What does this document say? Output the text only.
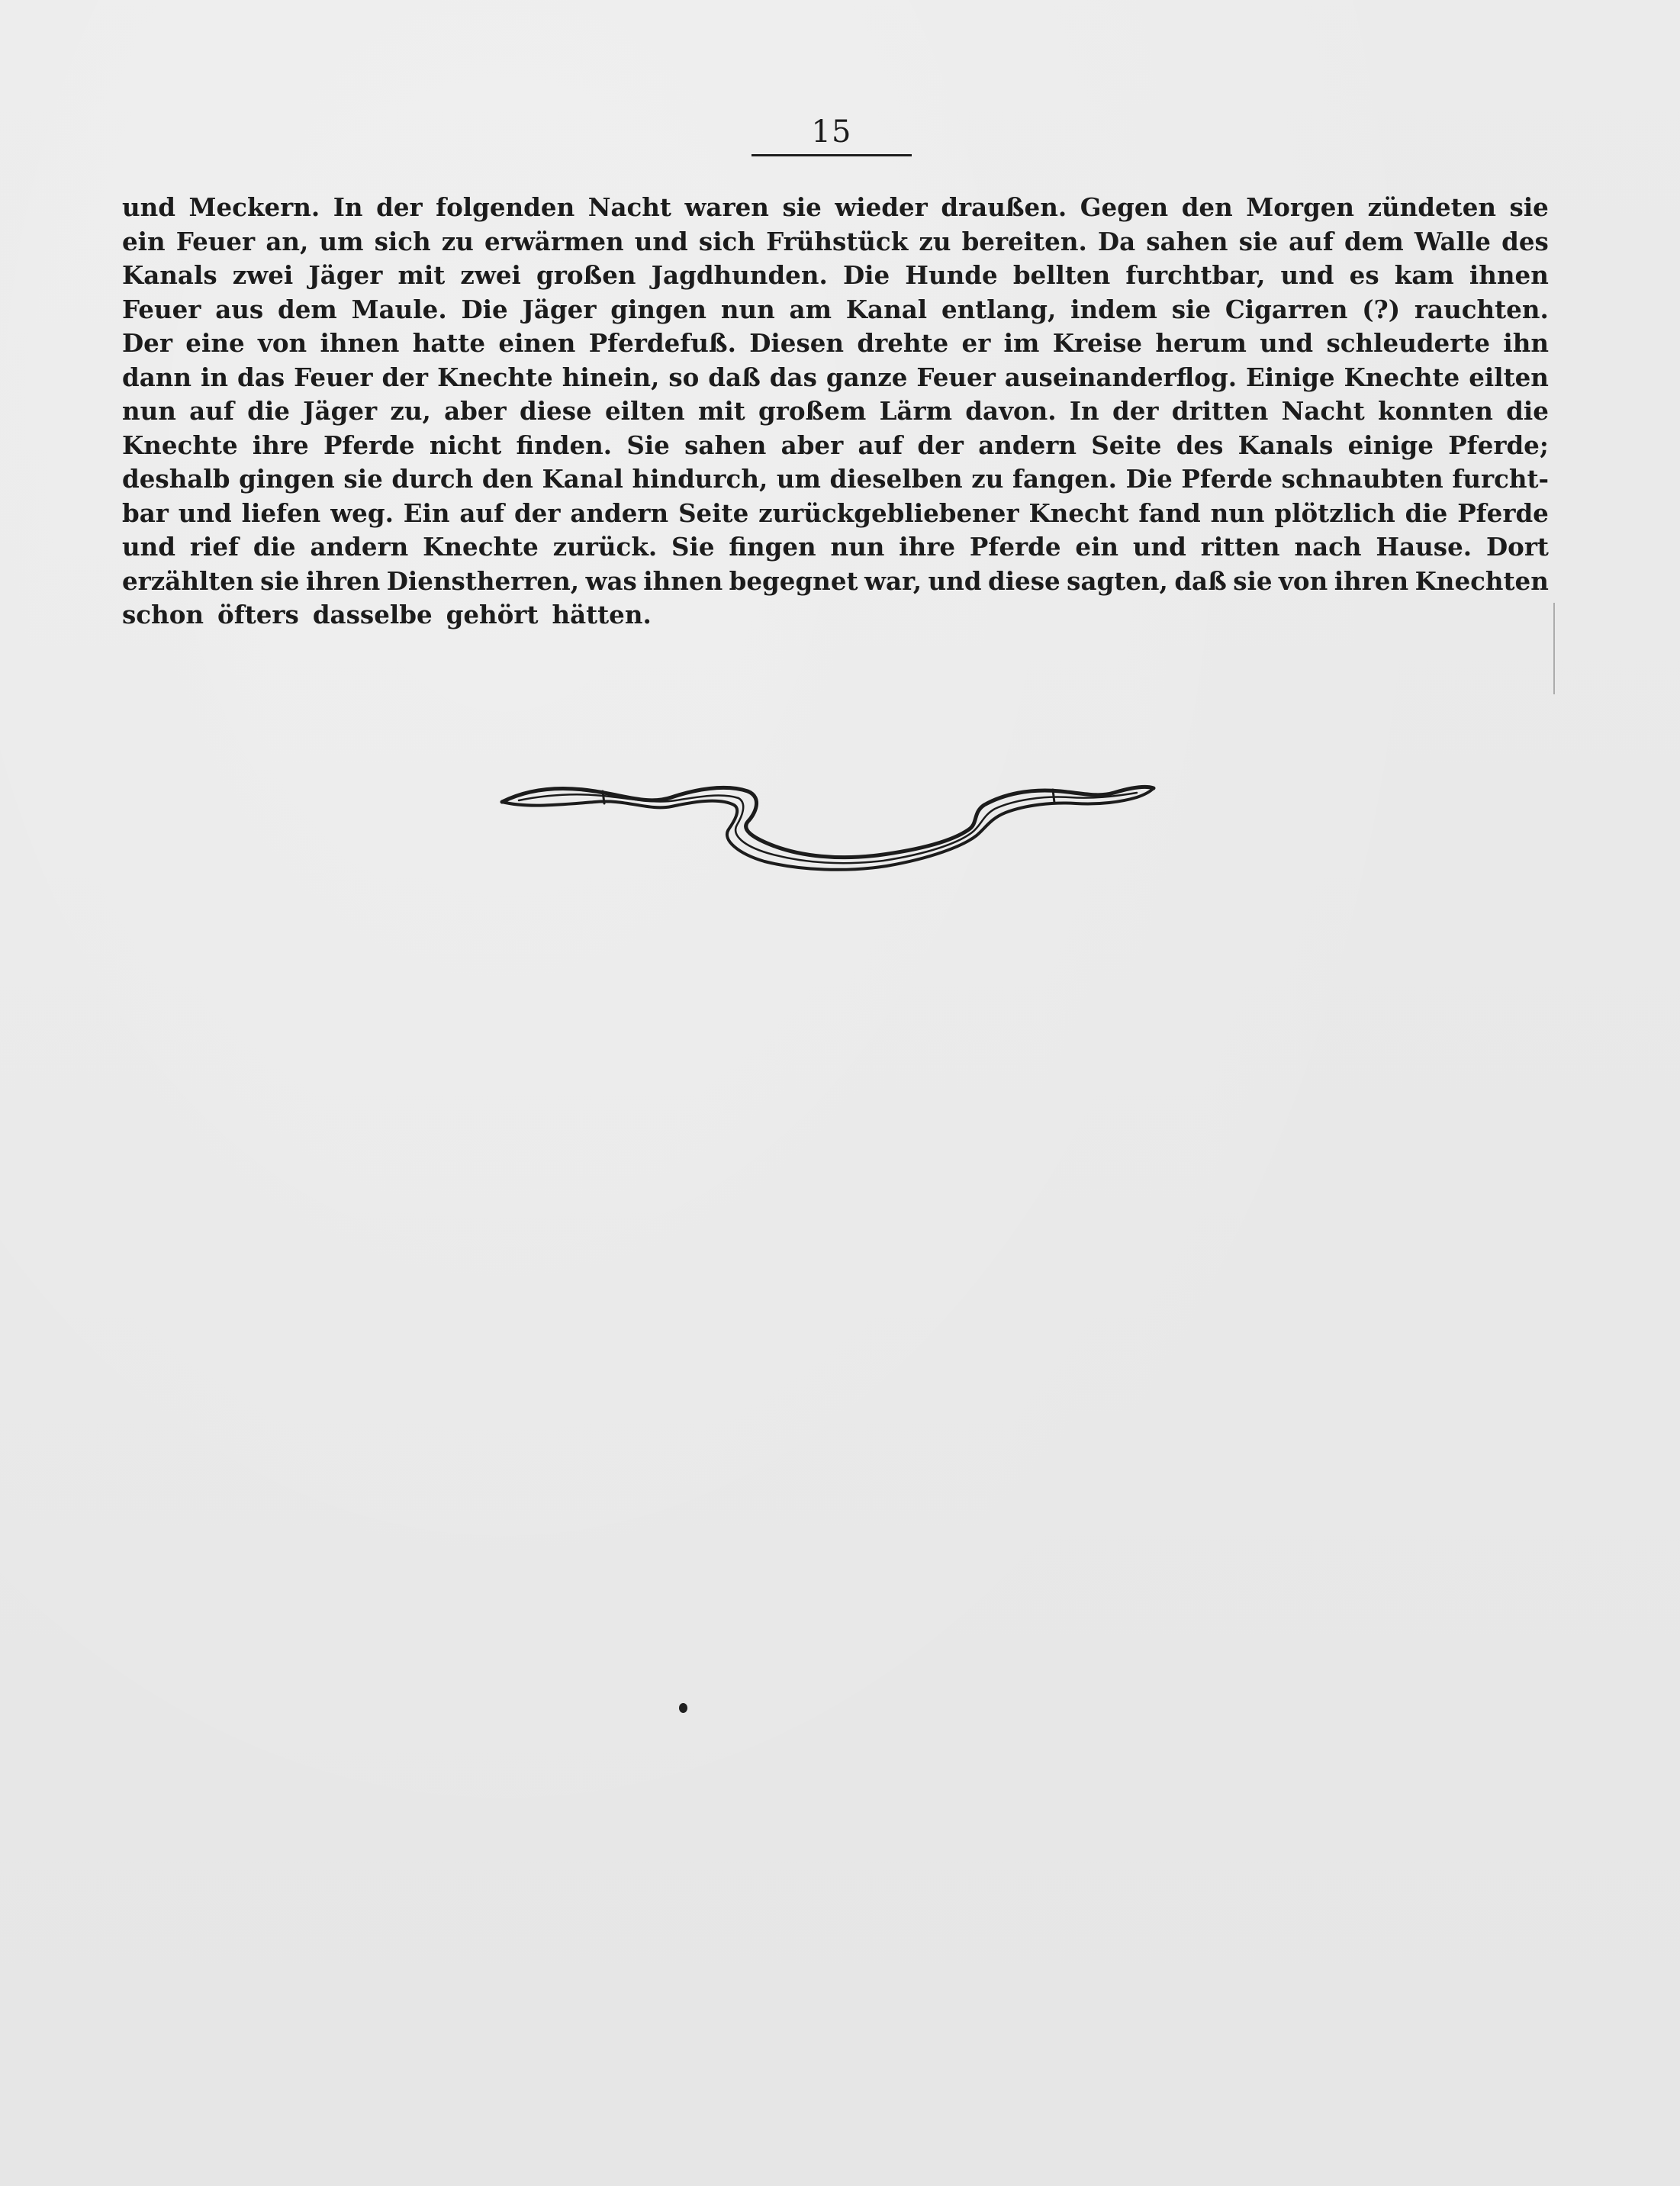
15
und Meckern. In der folgenden Nacht waren sie wieder draußen. Gegen den Morgen zündeten sie
ein Feuer an, um sich zu erwärmen und sich Frühstück zu bereiten. Da sahen sie auf dem Walle des
Kanals zwei Jäger mit zwei großen Jagdhunden. Die Hunde bellten furchtbar, und es kam ihnen
Feuer aus dem Maule. Die Jäger gingen nun am Kanal entlang, indem sie Cigarren (?) rauchten.
Der eine von ihnen hatte einen Pferdefuß. Diesen drehte er im Kreise herum und schleuderte ihn
dann in das Feuer der Knechte hinein, so daß das ganze Feuer auseinanderflog. Einige Knechte eilten
nun auf die Jäger zu, aber diese eilten mit großem Lärm davon. In der dritten Nacht konnten die
Knechte ihre Pferde nicht finden. Sie sahen aber auf der andern Seite des Kanals einige Pferde;
deshalb gingen sie durch den Kanal hindurch, um dieselben zu fangen. Die Pferde schnaubten furcht-
bar und liefen weg. Ein auf der andern Seite zurückgebliebener Knecht fand nun plötzlich die Pferde
und rief die andern Knechte zurück. Sie fingen nun ihre Pferde ein und ritten nach Hause. Dort
erzählten sie ihren Dienstherren, was ihnen begegnet war, und diese sagten, daß sie von ihren Knechten
schon öfters dasselbe gehört hätten.
